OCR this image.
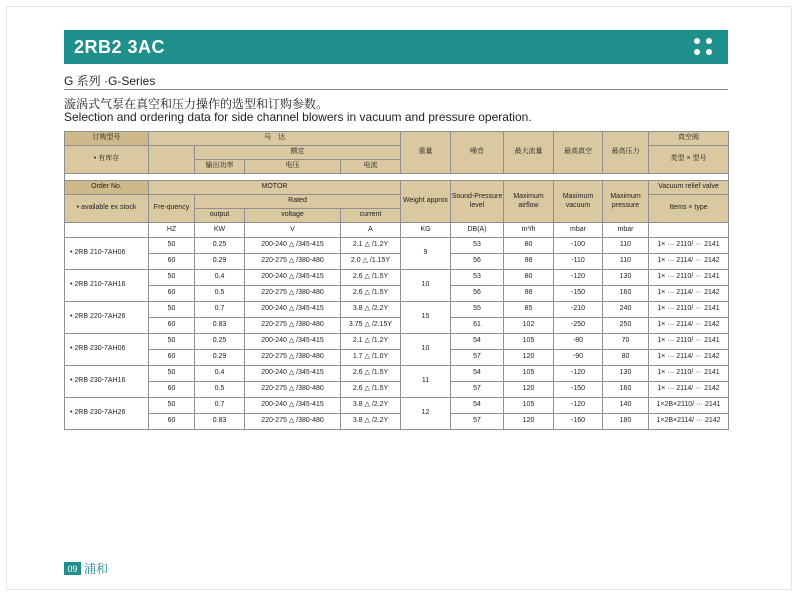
2RB2 3AC
G 系列 ·G-Series
漩涡式气泵在真空和压力操作的选型和订购参数。
Selection and ordering data for side channel blowers in vacuum and pressure operation.
订购型号	马　达				重量	噪音	最大流量	最高真空	最高压力	真空阀
• 有库存		额定								类型 × 型号
		输出功率	电压	电流						

Order No.	MOTOR				Weight approx	Sound-Pressure level	Maximum airflow	Maximum vacuum	Maximum pressure	Vacuum relief valve
• available ex stock	Fre-quency	Rated								Items × type
		output	voltage	current						
	HZ	KW	V	A	KG	DB(A)	m³/h	mbar	mbar	
• 2RB 210-7AH06	50	0.25	200-240 △ /345-415	2.1 △ /1.2Y	9	53	80	-100	110	1× ··· 2110/ ··· 2141
	60	0.29	220-275 △ /380-480	2.0 △ /1.15Y		56	98	-110	110	1× ··· 2114/ ··· 2142
• 2RB 210-7AH16	50	0.4	200-240 △ /345-415	2.6 △ /1.5Y	10	53	80	-120	130	1× ··· 2110/ ··· 2141
	60	0.5	220-275 △ /380-480	2.6 △ /1.5Y		56	98	-150	160	1× ··· 2114/ ··· 2142
• 2RB 220-7AH26	50	0.7	200-240 △ /345-415	3.8 △ /2.2Y	15	55	85	-210	240	1× ··· 2110/ ··· 2141
	60	0.83	220-275 △ /380-480	3.75 △ /2.15Y		61	102	-250	250	1× ··· 2114/ ··· 2142
• 2RB 230-7AH06	50	0.25	200-240 △ /345-415	2.1 △ /1.2Y	10	54	105	-80	70	1× ··· 2110/ ··· 2141
	60	0.29	220-275 △ /380-480	1.7 △ /1.0Y		57	120	-90	80	1× ··· 2114/ ··· 2142
• 2RB 230-7AH16	50	0.4	200-240 △ /345-415	2.6 △ /1.5Y	11	54	105	-120	130	1× ··· 2110/ ··· 2141
	60	0.5	220-275 △ /380-480	2.6 △ /1.5Y		57	120	-150	160	1× ··· 2114/ ··· 2142
• 2RB 230-7AH26	50	0.7	200-240 △ /345-415	3.8 △ /2.2Y	12	54	105	-120	140	1×2B×2110/ ··· 2141
	60	0.83	220-275 △ /380-480	3.8 △ /2.2Y		57	120	-160	180	1×2B×2114/ ··· 2142
09 浦和
